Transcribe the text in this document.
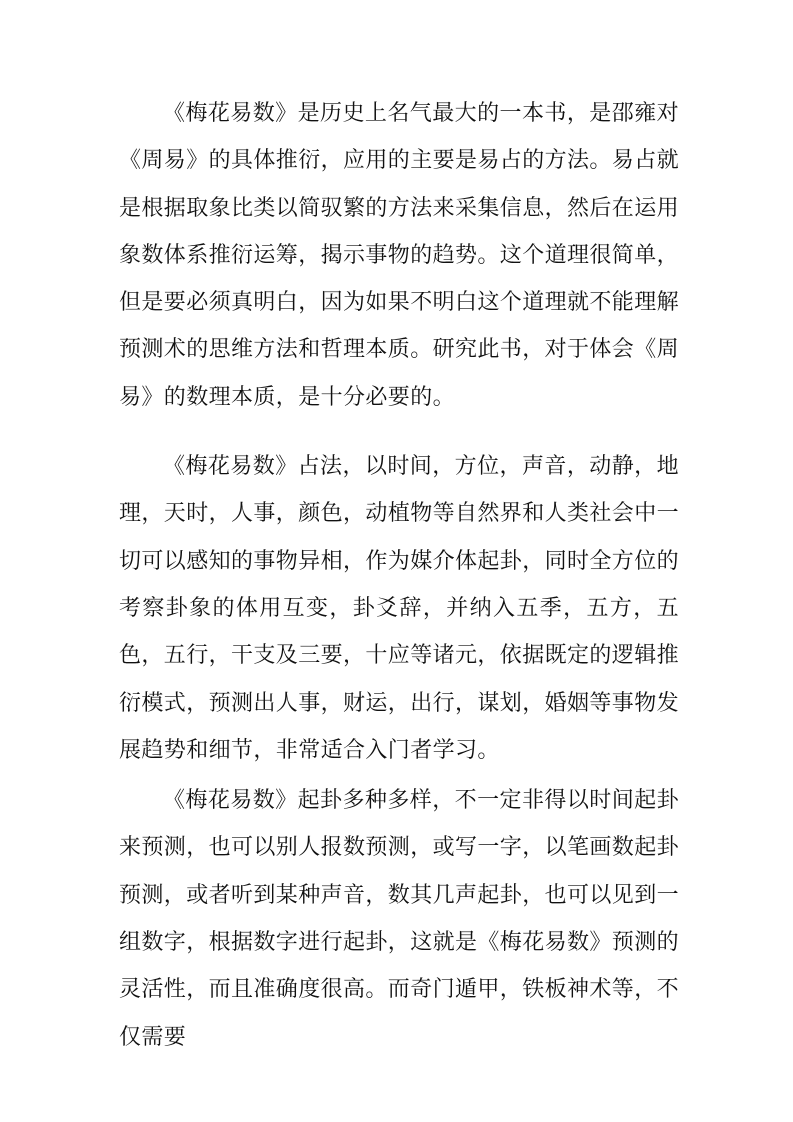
《梅花易数》是历史上名气最大的一本书，是邵雍对《周易》的具体推衍，应用的主要是易占的方法。易占就是根据取象比类以简驭繁的方法来采集信息，然后在运用象数体系推衍运筹，揭示事物的趋势。这个道理很简单，但是要必须真明白，因为如果不明白这个道理就不能理解预测术的思维方法和哲理本质。研究此书，对于体会《周易》的数理本质，是十分必要的。

《梅花易数》占法，以时间，方位，声音，动静，地理，天时，人事，颜色，动植物等自然界和人类社会中一切可以感知的事物异相，作为媒介体起卦，同时全方位的考察卦象的体用互变，卦爻辞，并纳入五季，五方，五色，五行，干支及三要，十应等诸元，依据既定的逻辑推衍模式，预测出人事，财运，出行，谋划，婚姻等事物发展趋势和细节，非常适合入门者学习。

《梅花易数》起卦多种多样，不一定非得以时间起卦来预测，也可以别人报数预测，或写一字，以笔画数起卦预测，或者听到某种声音，数其几声起卦，也可以见到一组数字，根据数字进行起卦，这就是《梅花易数》预测的灵活性，而且准确度很高。而奇门遁甲，铁板神术等，不仅需要
